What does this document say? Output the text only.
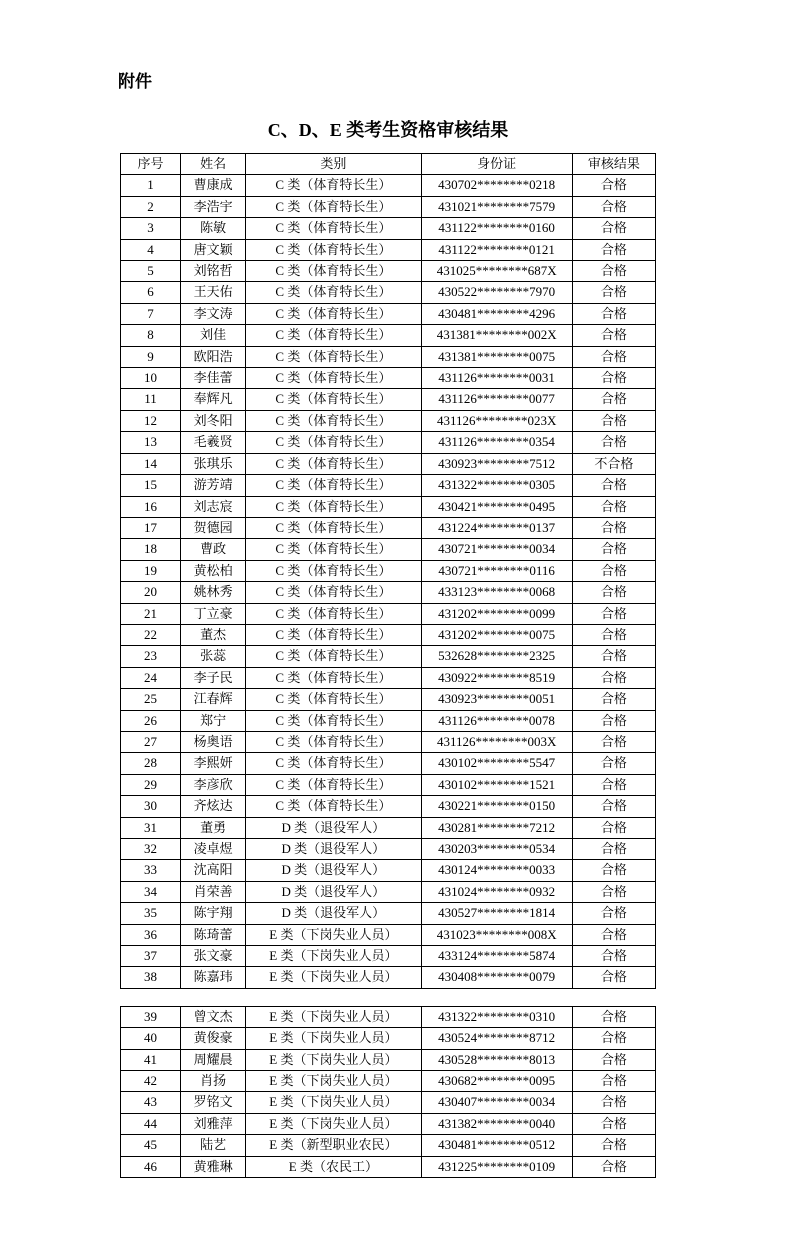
附件
C、D、E 类考生资格审核结果
序号	姓名	类别	身份证	审核结果
1	曹康成	C 类（体育特长生）	430702********0218	合格
2	李浩宇	C 类（体育特长生）	431021********7579	合格
3	陈敏	C 类（体育特长生）	431122********0160	合格
4	唐文颖	C 类（体育特长生）	431122********0121	合格
5	刘铭哲	C 类（体育特长生）	431025********687X	合格
6	王天佑	C 类（体育特长生）	430522********7970	合格
7	李文涛	C 类（体育特长生）	430481********4296	合格
8	刘佳	C 类（体育特长生）	431381********002X	合格
9	欧阳浩	C 类（体育特长生）	431381********0075	合格
10	李佳蕾	C 类（体育特长生）	431126********0031	合格
11	奉辉凡	C 类（体育特长生）	431126********0077	合格
12	刘冬阳	C 类（体育特长生）	431126********023X	合格
13	毛羲贤	C 类（体育特长生）	431126********0354	合格
14	张琪乐	C 类（体育特长生）	430923********7512	不合格
15	游芳靖	C 类（体育特长生）	431322********0305	合格
16	刘志宸	C 类（体育特长生）	430421********0495	合格
17	贺德园	C 类（体育特长生）	431224********0137	合格
18	曹政	C 类（体育特长生）	430721********0034	合格
19	黄松柏	C 类（体育特长生）	430721********0116	合格
20	姚林秀	C 类（体育特长生）	433123********0068	合格
21	丁立豪	C 类（体育特长生）	431202********0099	合格
22	董杰	C 类（体育特长生）	431202********0075	合格
23	张蕊	C 类（体育特长生）	532628********2325	合格
24	李子民	C 类（体育特长生）	430922********8519	合格
25	江春辉	C 类（体育特长生）	430923********0051	合格
26	郑宁	C 类（体育特长生）	431126********0078	合格
27	杨奥语	C 类（体育特长生）	431126********003X	合格
28	李熙妍	C 类（体育特长生）	430102********5547	合格
29	李彦欣	C 类（体育特长生）	430102********1521	合格
30	齐炫达	C 类（体育特长生）	430221********0150	合格
31	董勇	D 类（退役军人）	430281********7212	合格
32	凌卓煜	D 类（退役军人）	430203********0534	合格
33	沈高阳	D 类（退役军人）	430124********0033	合格
34	肖荣善	D 类（退役军人）	431024********0932	合格
35	陈宇翔	D 类（退役军人）	430527********1814	合格
36	陈琦蕾	E 类（下岗失业人员）	431023********008X	合格
37	张文豪	E 类（下岗失业人员）	433124********5874	合格
38	陈嘉玮	E 类（下岗失业人员）	430408********0079	合格
39	曾文杰	E 类（下岗失业人员）	431322********0310	合格
40	黄俊豪	E 类（下岗失业人员）	430524********8712	合格
41	周耀晨	E 类（下岗失业人员）	430528********8013	合格
42	肖扬	E 类（下岗失业人员）	430682********0095	合格
43	罗铭文	E 类（下岗失业人员）	430407********0034	合格
44	刘雅萍	E 类（下岗失业人员）	431382********0040	合格
45	陆艺	E 类（新型职业农民）	430481********0512	合格
46	黄雅琳	E 类（农民工）	431225********0109	合格
